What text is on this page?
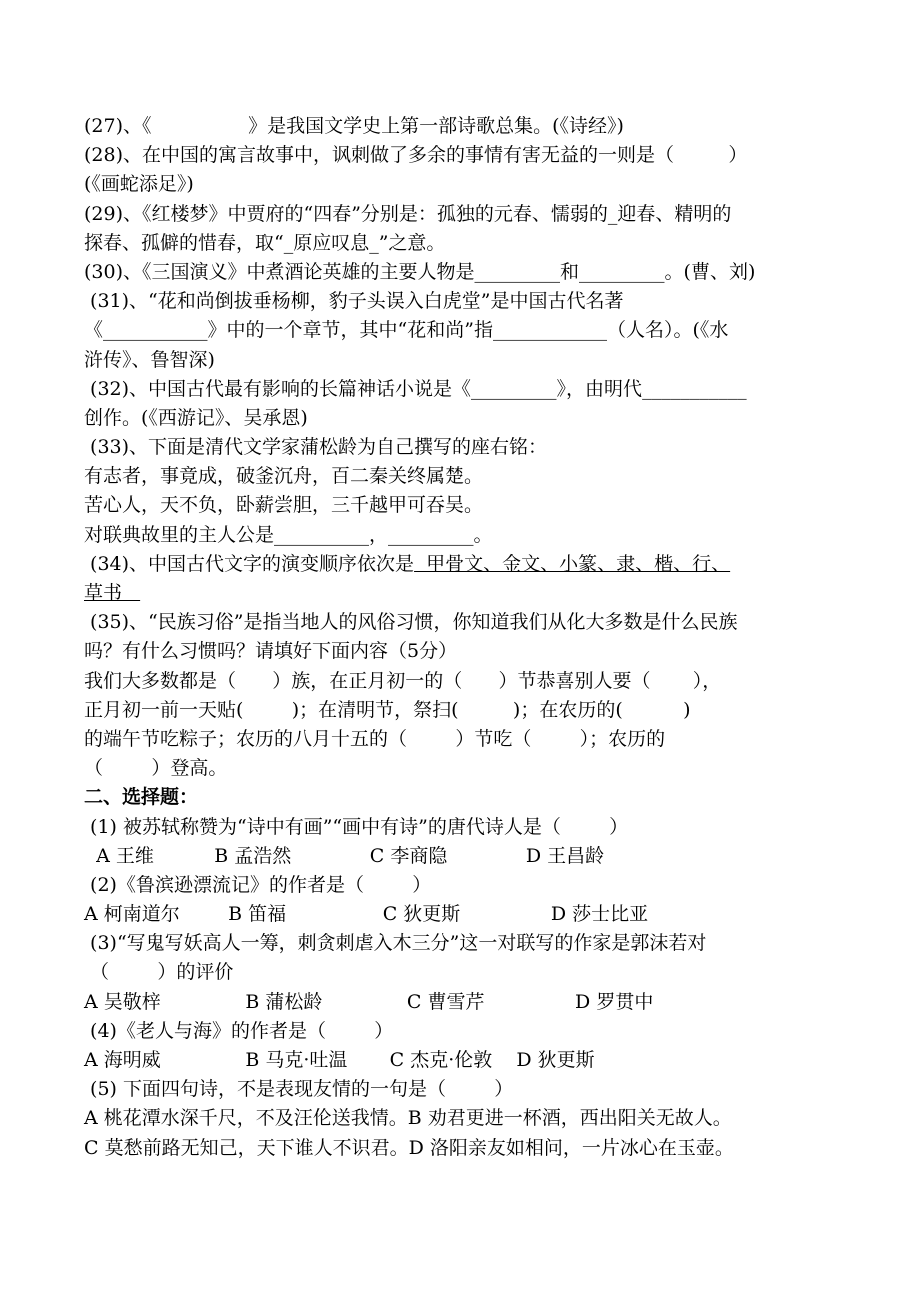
(27)、《                》是我国文学史上第一部诗歌总集。(《诗经》)
(28)、在中国的寓言故事中，讽刺做了多余的事情有害无益的一则是（         ）
(《画蛇添足》)
(29)、《红楼梦》中贾府的“四春”分别是：孤独的元春、懦弱的_迎春、精明的
探春、孤僻的惜春，取“_原应叹息_”之意。
(30)、《三国演义》中煮酒论英雄的主要人物是_________和_________。(曹、刘)
(31)、“花和尚倒拔垂杨柳，豹子头误入白虎堂”是中国古代名著
《___________》中的一个章节，其中“花和尚”指____________（人名）。(《水
浒传》、鲁智深)
(32)、中国古代最有影响的长篇神话小说是《_________》，由明代___________
创作。(《西游记》、吴承恩)
(33)、下面是清代文学家蒲松龄为自己撰写的座右铭：
有志者，事竟成，破釜沉舟，百二秦关终属楚。
苦心人，天不负，卧薪尝胆，三千越甲可吞吴。
对联典故里的主人公是__________，_________。
(34)、中国古代文字的演变顺序依次是  甲骨文、金文、小篆、隶、楷、行、
草书
(35)、“民族习俗”是指当地人的风俗习惯，你知道我们从化大多数是什么民族
吗？有什么习惯吗？请填好下面内容（5分）
我们大多数都是（      ）族，在正月初一的（      ）节恭喜别人要（       ），
正月初一前一天贴(        )；在清明节，祭扫(         )；在农历的(          )
的端午节吃粽子；农历的八月十五的（        ）节吃（        ）；农历的
（        ）登高。
二、选择题：
(1) 被苏轼称赞为“诗中有画”“画中有诗”的唐代诗人是（        ）
A 王维          B 孟浩然             C 李商隐             D 王昌龄
(2)《鲁滨逊漂流记》的作者是（        ）
A 柯南道尔        B 笛福                C 狄更斯               D 莎士比亚
(3)“写鬼写妖高人一筹，刺贪刺虐入木三分”这一对联写的作家是郭沫若对
（        ）的评价
A 吴敬梓              B 蒲松龄              C 曹雪芹               D 罗贯中
(4)《老人与海》的作者是（        ）
A 海明威              B 马克·吐温       C 杰克·伦敦    D 狄更斯
(5) 下面四句诗，不是表现友情的一句是（        ）
A 桃花潭水深千尺，不及汪伦送我情。B 劝君更进一杯酒，西出阳关无故人。
C 莫愁前路无知己，天下谁人不识君。D 洛阳亲友如相问，一片冰心在玉壶。
